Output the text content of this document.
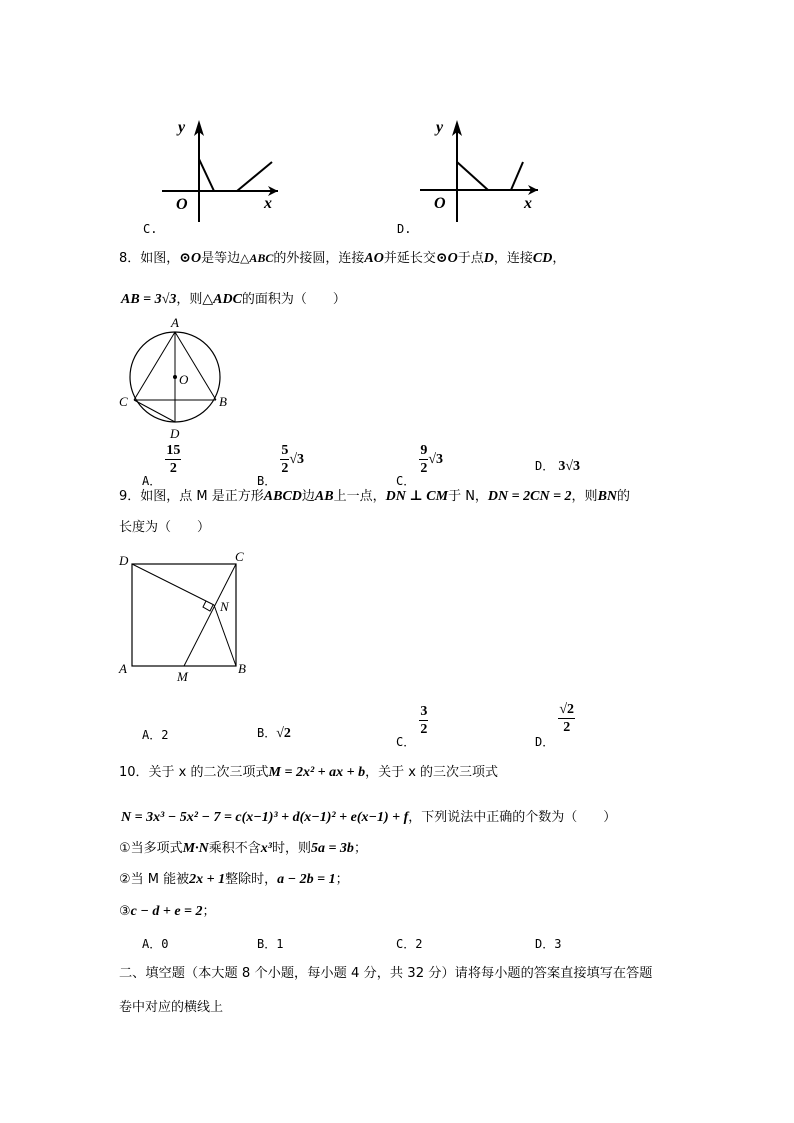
y
O	x
C.
y
O	x
D.
8．如图，⊙O是等边△ABC的外接圆，连接AO并延长交⊙O于点D，连接CD，
AB = 3√3，则△ADC的面积为（　　）
A
O
C	B
D
A．
$\frac{15}{2}$
B．
$\frac{5}{2} √3$
C．
$\frac{9}{2} √3$	D． 3√3
9．如图，点 M 是正方形ABCD边AB上一点，DN ⊥ CM于 N，DN = 2CN = 2，则BN的
长度为（　　）
D	C
N
A
M
B
A．2	B．√2
C．
$\frac{3}{2}$
D．
$\frac{√2}{2}$
10．关于 x 的二次三项式M = 2x² + ax + b，关于 x 的三次三项式
N = 3x³ − 5x² − 7 = c(x−1)³ + d(x−1)² + e(x−1) + f，下列说法中正确的个数为（　　）
①当多项式M·N乘积不含x³时，则5a = 3b；
②当 M 能被2x + 1整除时，a − 2b = 1；
③c − d + e = 2；
A．0	B．1	C．2	D．3
二、填空题（本大题 8 个小题，每小题 4 分，共 32 分）请将每小题的答案直接填写在答题
卷中对应的横线上
